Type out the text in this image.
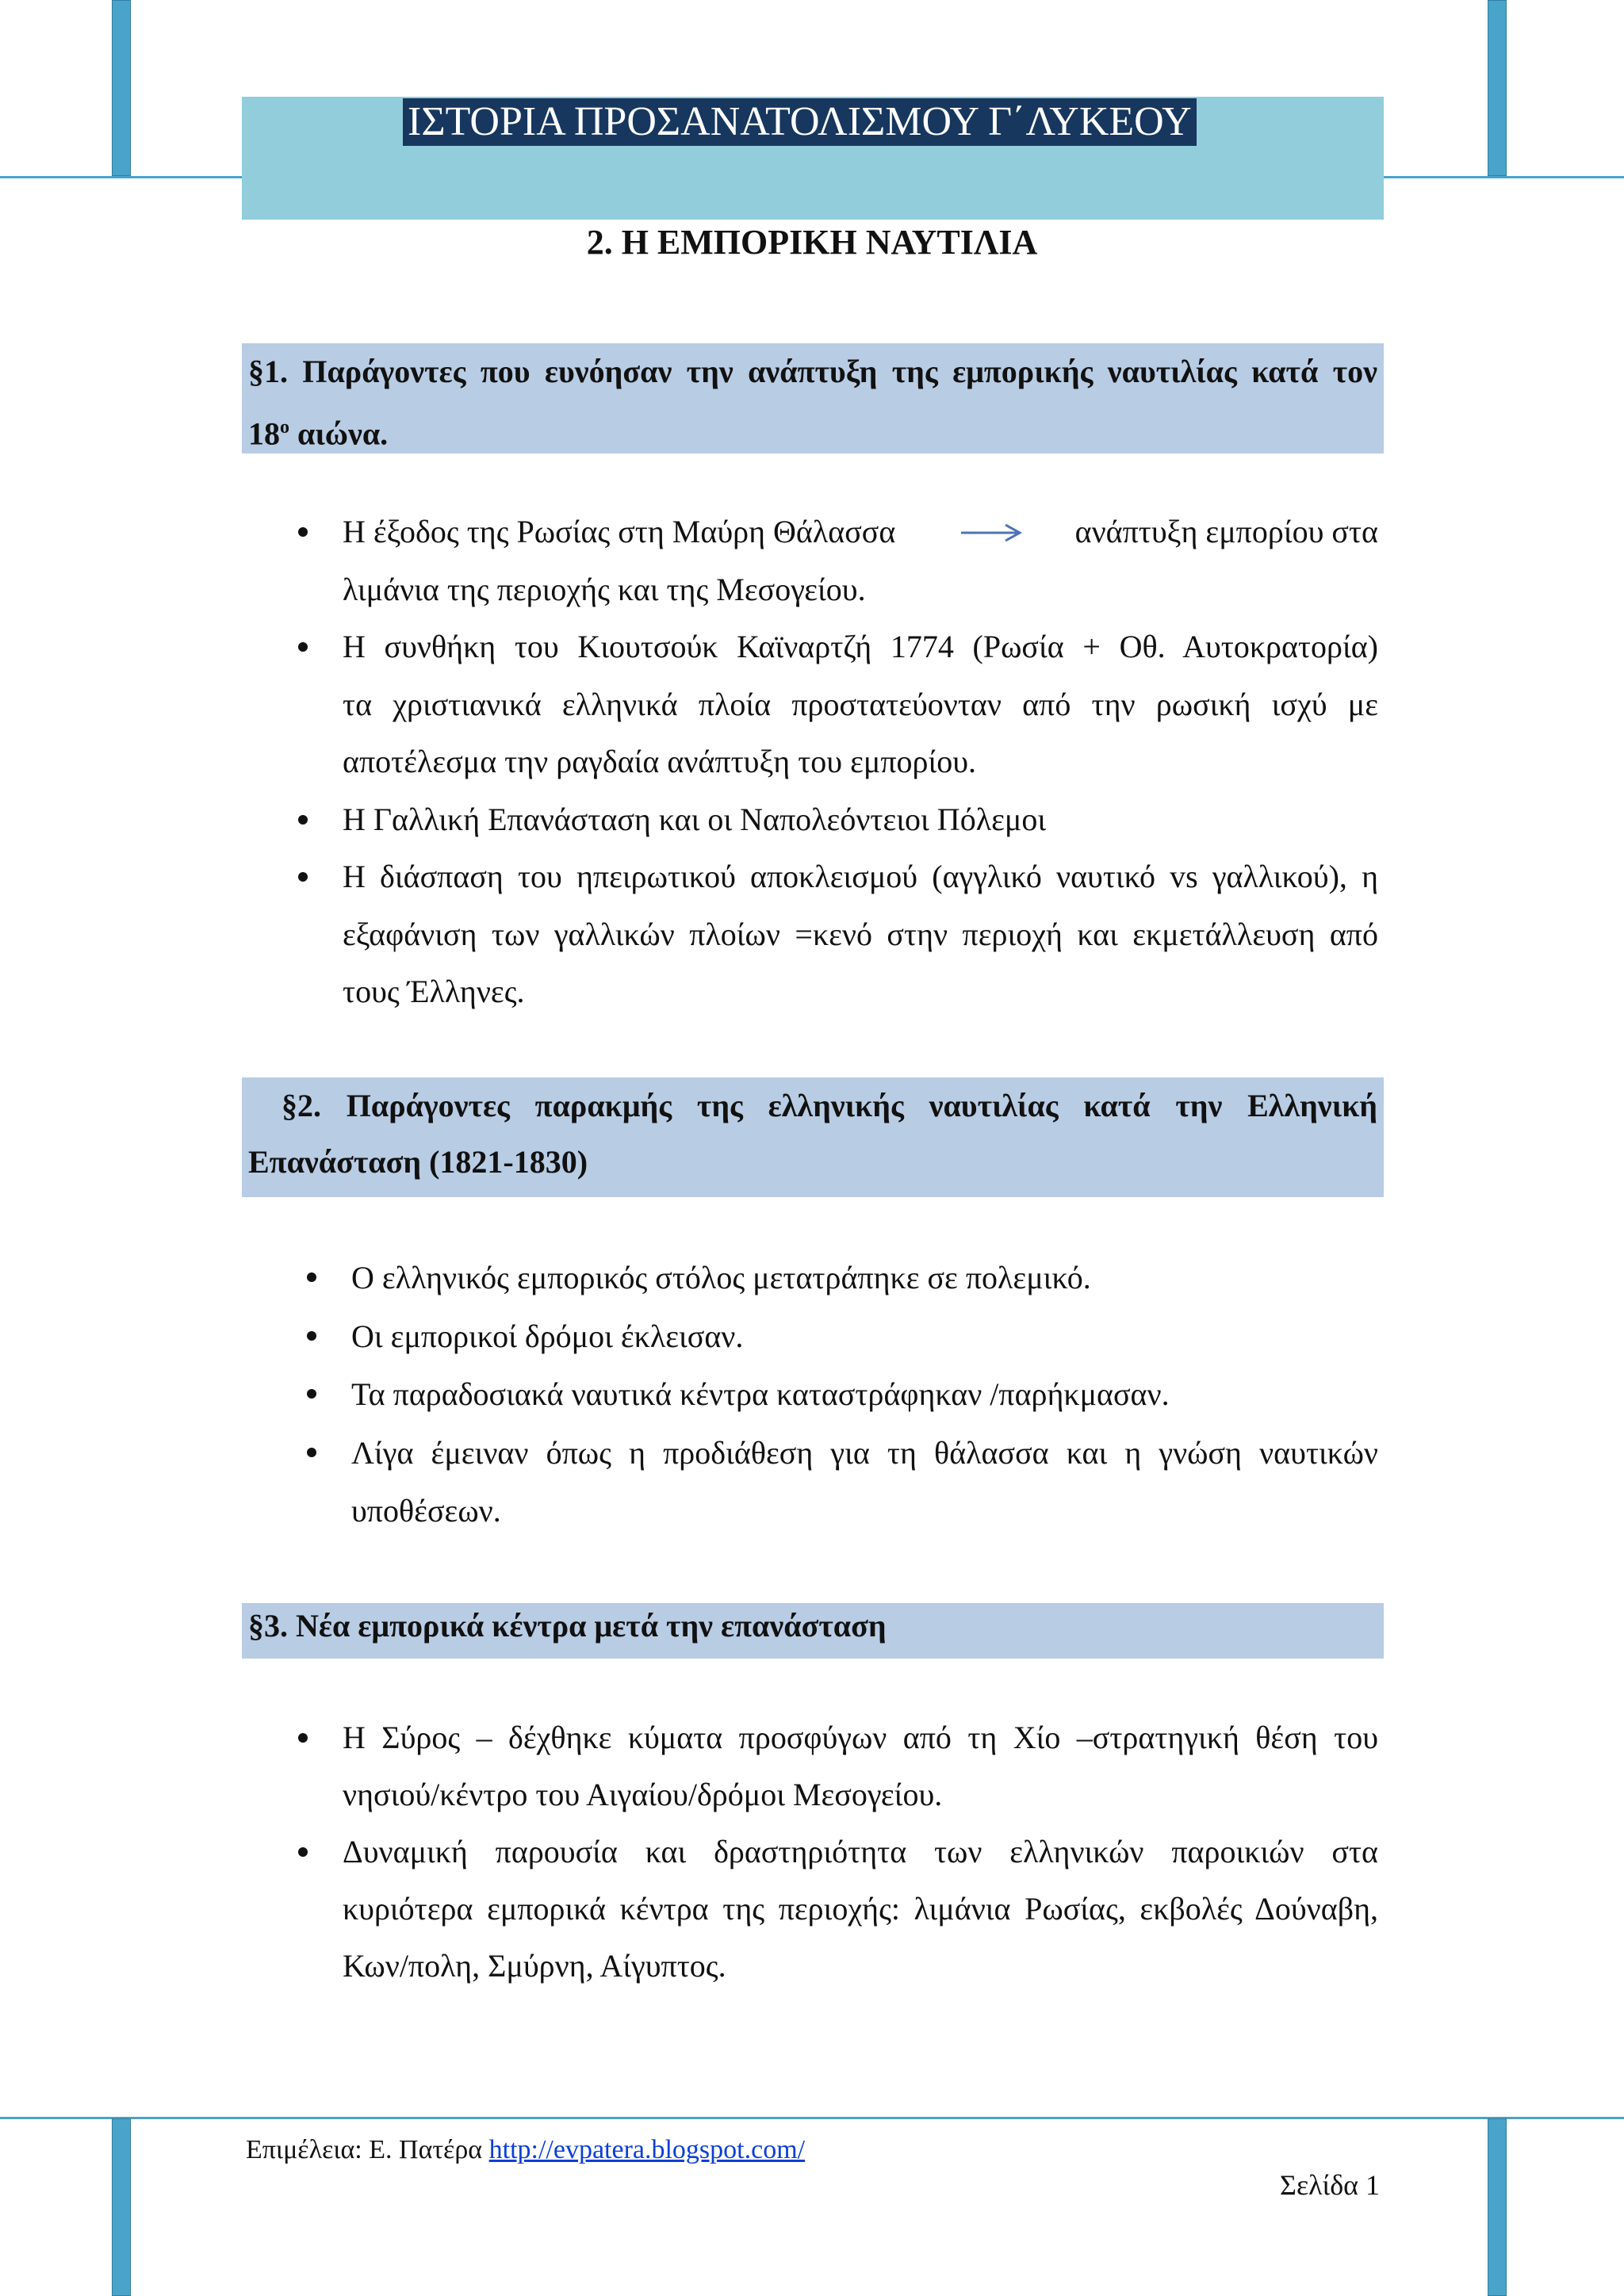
ΙΣΤΟΡΙΑ ΠΡΟΣΑΝΑΤΟΛΙΣΜΟΥ Γ΄ΛΥΚΕΟΥ
2. Η ΕΜΠΟΡΙΚΗ ΝΑΥΤΙΛΙΑ
§1. Παράγοντες που ευνόησαν την ανάπτυξη της εμπορικής ναυτιλίας κατά τον
$18^o$ αιώνα.
Η έξοδος της Ρωσίας στη Μαύρη Θάλασσα	ανάπτυξη εμπορίου στα
λιμάνια της περιοχής και της Μεσογείου.
Η συνθήκη του Κιουτσούκ Καϊναρτζή 1774 (Ρωσία + Οθ. Αυτοκρατορία)
τα χριστιανικά ελληνικά πλοία προστατεύονταν από την ρωσική ισχύ με
αποτέλεσμα την ραγδαία ανάπτυξη του εμπορίου.
Η Γαλλική Επανάσταση και οι Ναπολεόντειοι Πόλεμοι
Η διάσπαση του ηπειρωτικού αποκλεισμού (αγγλικό ναυτικό vs γαλλικού), η
εξαφάνιση των γαλλικών πλοίων =κενό στην περιοχή και εκμετάλλευση από
τους Έλληνες.
§2. Παράγοντες παρακμής της ελληνικής ναυτιλίας κατά την Ελληνική
Επανάσταση (1821-1830)
Ο ελληνικός εμπορικός στόλος μετατράπηκε σε πολεμικό.
Οι εμπορικοί δρόμοι έκλεισαν.
Τα παραδοσιακά ναυτικά κέντρα καταστράφηκαν /παρήκμασαν.
Λίγα έμειναν όπως η προδιάθεση για τη θάλασσα και η γνώση ναυτικών
υποθέσεων.
§3. Νέα εμπορικά κέντρα μετά την επανάσταση
Η Σύρος – δέχθηκε κύματα προσφύγων από τη Χίο –στρατηγική θέση του
νησιού/κέντρο του Αιγαίου/δρόμοι Μεσογείου.
Δυναμική παρουσία και δραστηριότητα των ελληνικών παροικιών στα
κυριότερα εμπορικά κέντρα της περιοχής: λιμάνια Ρωσίας, εκβολές Δούναβη,
Κων/πολη, Σμύρνη, Αίγυπτος.
Επιμέλεια: Ε. Πατέρα http://evpatera.blogspot.com/
Σελίδα 1
